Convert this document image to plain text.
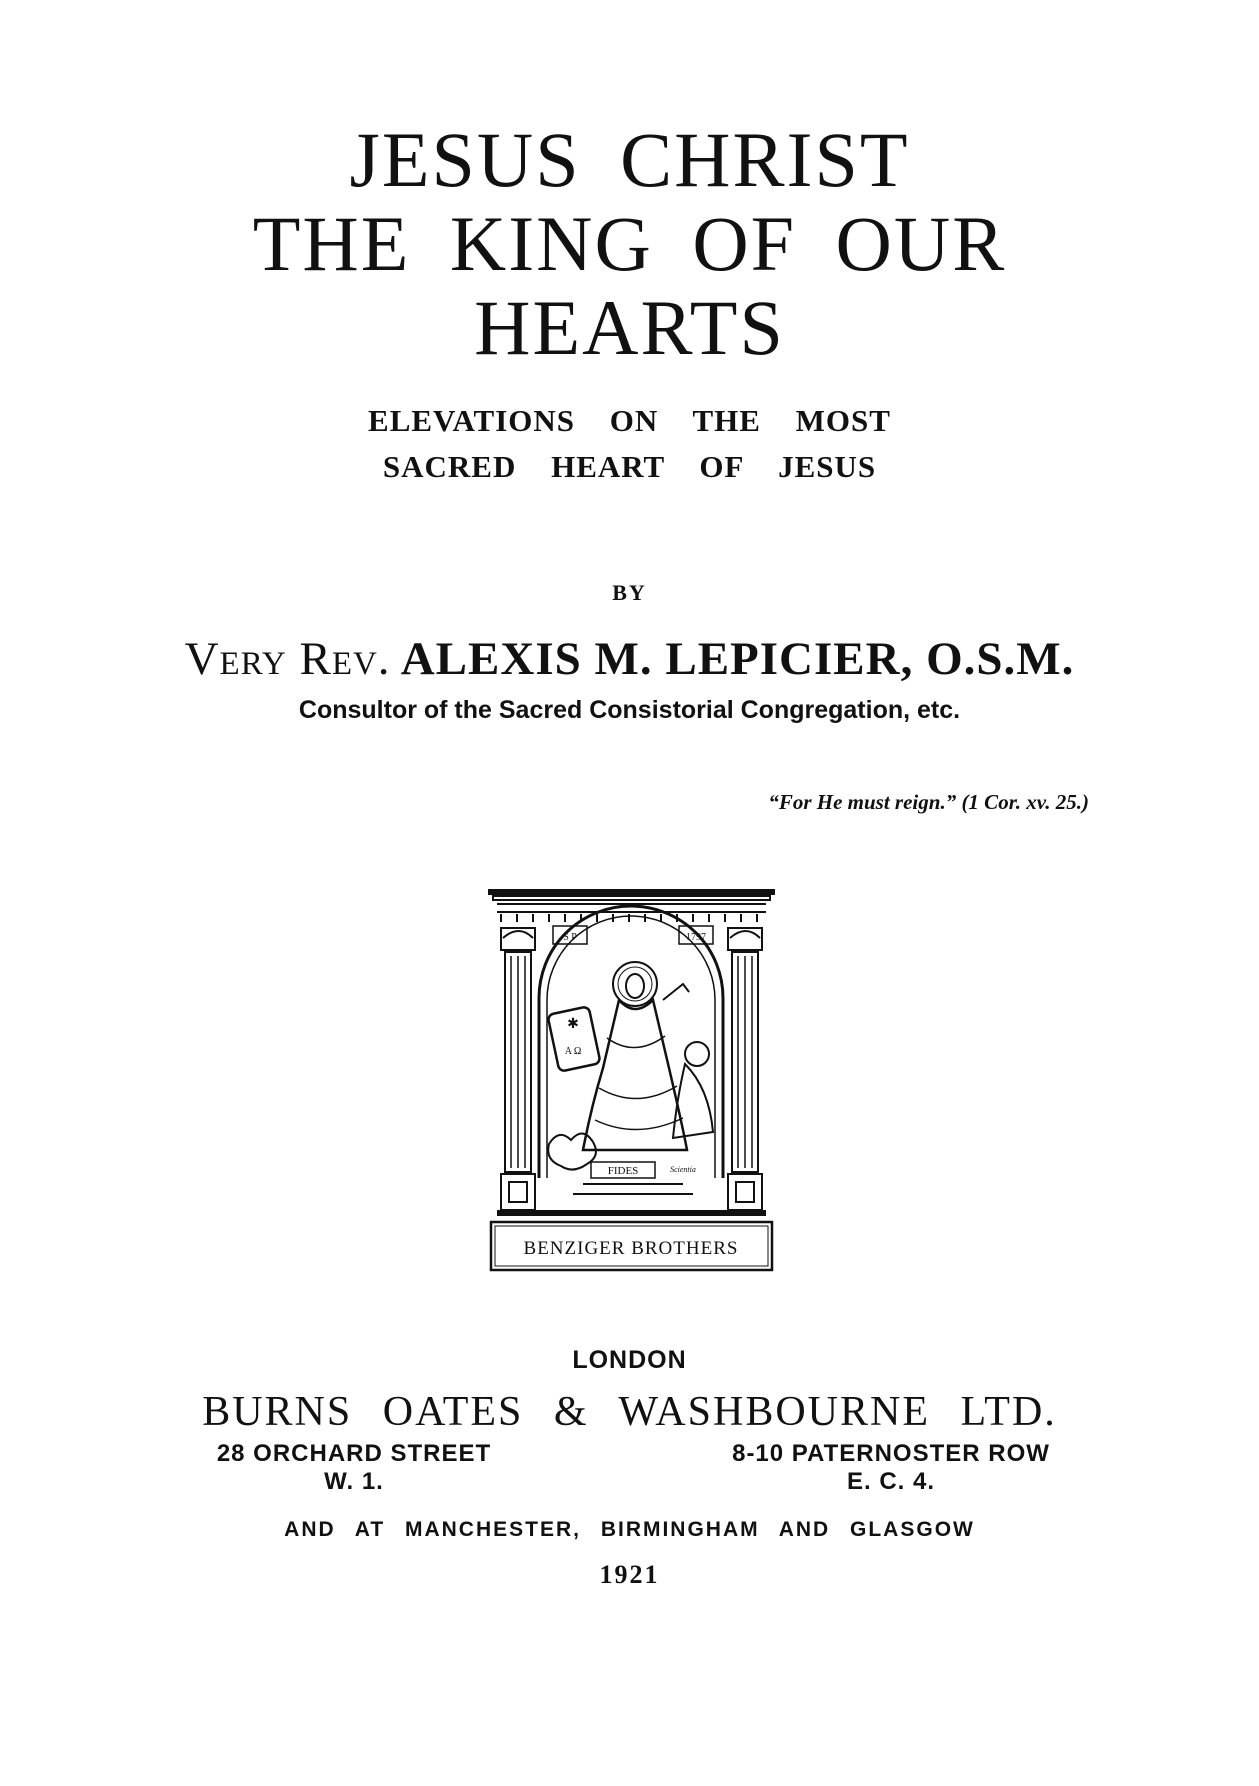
JESUS CHRIST
THE KING OF OUR
HEARTS
ELEVATIONS ON THE MOST
SACRED HEART OF JESUS
BY
Very Rev. ALEXIS M. LEPICIER, O.S.M.
Consultor of the Sacred Consistorial Congregation, etc.
“For He must reign.” (1 Cor. xv. 25.)
S P	1797
✱
A Ω
FIDES	Scientia
BENZIGER BROTHERS
LONDON
BURNS OATES & WASHBOURNE LTD.
28 ORCHARD STREET
W. 1.
8-10 PATERNOSTER ROW
E. C. 4.
AND AT MANCHESTER, BIRMINGHAM AND GLASGOW
1921
